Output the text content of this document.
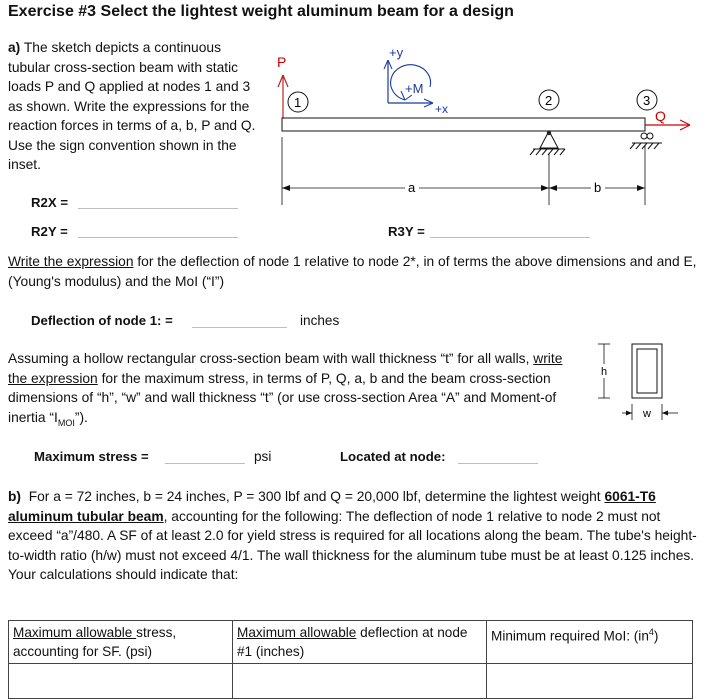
Exercise #3 Select the lightest weight aluminum beam for a design
a) The sketch depicts a continuous tubular cross-section beam with static loads P and Q applied at nodes 1 and 3 as shown. Write the expressions for the reaction forces in terms of a, b, P and Q. Use the sign convention shown in the inset.
P
+y
+x
+M
1	2	3
Q
a	b
R2X =
R2Y =	R3Y =
Write the expression for the deflection of node 1 relative to node 2*, in of terms the above dimensions and and E, (Young's modulus) and the MoI (“I”)
Deflection of node 1: =	inches
Assuming a hollow rectangular cross-section beam with wall thickness “t” for all walls, write the expression for the maximum stress, in terms of P, Q, a, b and the beam cross-section dimensions of “h”, “w” and wall thickness “t” (or use cross-section Area “A” and Moment-of inertia “$I_{MOI}$”).
h
w
Maximum stress =	psi	Located at node:
b) For a = 72 inches, b = 24 inches, P = 300 lbf and Q = 20,000 lbf, determine the lightest weight 6061-T6 aluminum tubular beam, accounting for the following: The deflection of node 1 relative to node 2 must not exceed “a”/480. A SF of at least 2.0 for yield stress is required for all locations along the beam. The tube's height-to-width ratio (h/w) must not exceed 4/1. The wall thickness for the aluminum tube must be at least 0.125 inches. Your calculations should indicate that:
Maximum allowable stress, accounting for SF. (psi)	Maximum allowable deflection at node #1 (inches)	Minimum required MoI: $(in^4)$
